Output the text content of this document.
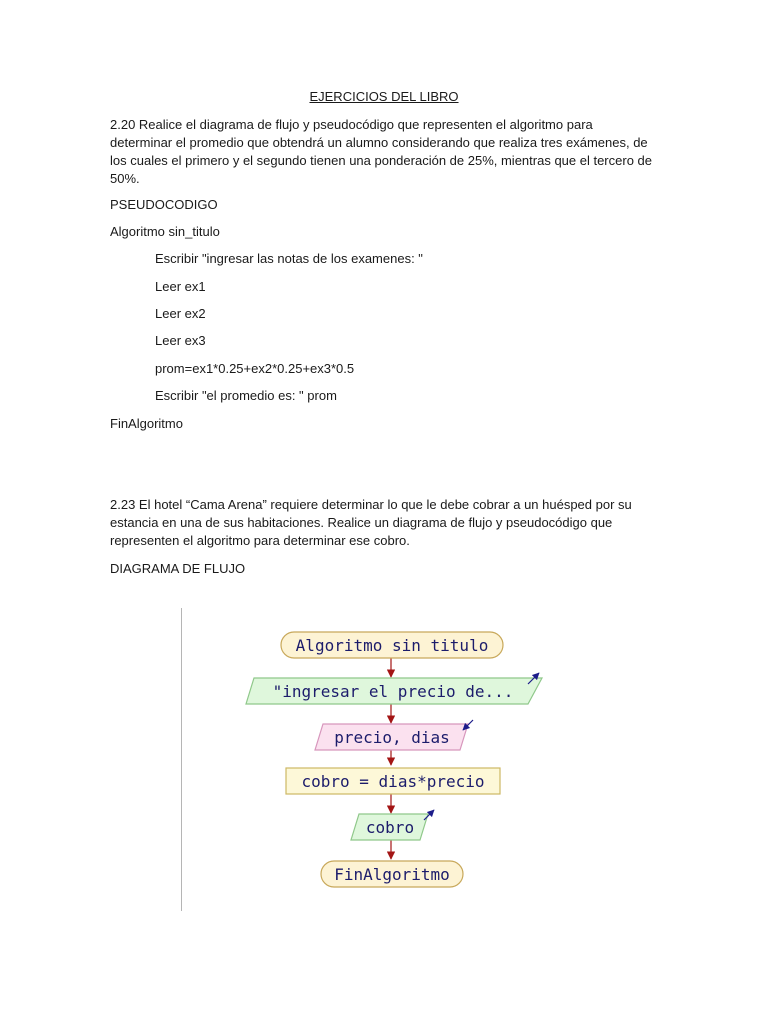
EJERCICIOS DEL LIBRO

2.20 Realice el diagrama de flujo y pseudocódigo que representen el algoritmo para determinar el promedio que obtendrá un alumno considerando que realiza tres exámenes, de los cuales el primero y el segundo tienen una ponderación de 25%, mientras que el tercero de 50%.

PSEUDOCODIGO

Algoritmo sin_titulo

Escribir "ingresar las notas de los examenes: "

Leer ex1

Leer ex2

Leer ex3

prom=ex1*0.25+ex2*0.25+ex3*0.5

Escribir "el promedio es: " prom

FinAlgoritmo

2.23 El hotel “Cama Arena” requiere determinar lo que le debe cobrar a un huésped por su estancia en una de sus habitaciones. Realice un diagrama de flujo y pseudocódigo que representen el algoritmo para determinar ese cobro.

DIAGRAMA DE FLUJO

Algoritmo sin titulo
"ingresar el precio de...
precio, dias
cobro = dias*precio
cobro
FinAlgoritmo
